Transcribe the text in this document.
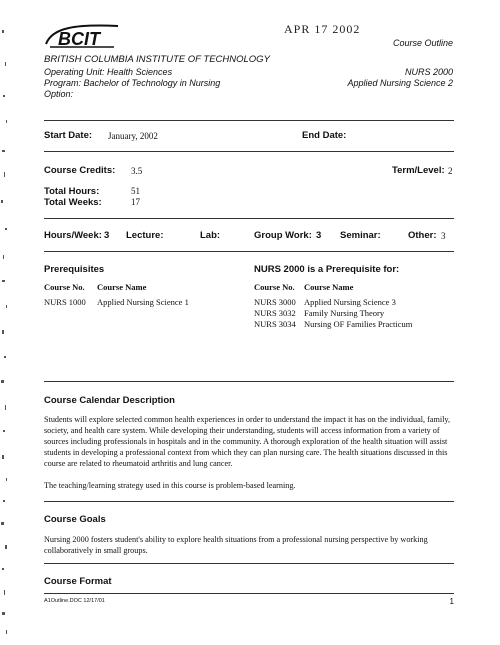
BCIT	APR 17 2002
Course Outline
BRITISH COLUMBIA INSTITUTE OF TECHNOLOGY
Operating Unit: Health Sciences
Program: Bachelor of Technology in Nursing
Option:
NURS 2000
Applied Nursing Science 2
Start Date: January, 2002	End Date:
Course Credits: 3.5	Term/Level: 2
Total Hours:	51
Total Weeks:	17
Hours/Week: 3 Lecture:	Lab:	Group Work: 3 Seminar:	Other: 3
Prerequisites
Course No. Course Name
NURS 1000 Applied Nursing Science 1
NURS 2000 is a Prerequisite for:
Course No. Course Name
NURS 3000 Applied Nursing Science 3
NURS 3032 Family Nursing Theory
NURS 3034 Nursing OF Families Practicum
Course Calendar Description
Students will explore selected common health experiences in order to understand the impact it has on the individual, family, society, and health care system. While developing their understanding, students will access information from a variety of sources including professionals in hospitals and in the community. A thorough exploration of the health situation will assist students in developing a professional context from which they can plan nursing care. The health situations discussed in this course are related to rheumatoid arthritis and lung cancer.
The teaching/learning strategy used in this course is problem-based learning.
Course Goals
Nursing 2000 fosters student's ability to explore health situations from a professional nursing perspective by working collaboratively in small groups.
Course Format
A1Outline.DOC 12/17/01	1
